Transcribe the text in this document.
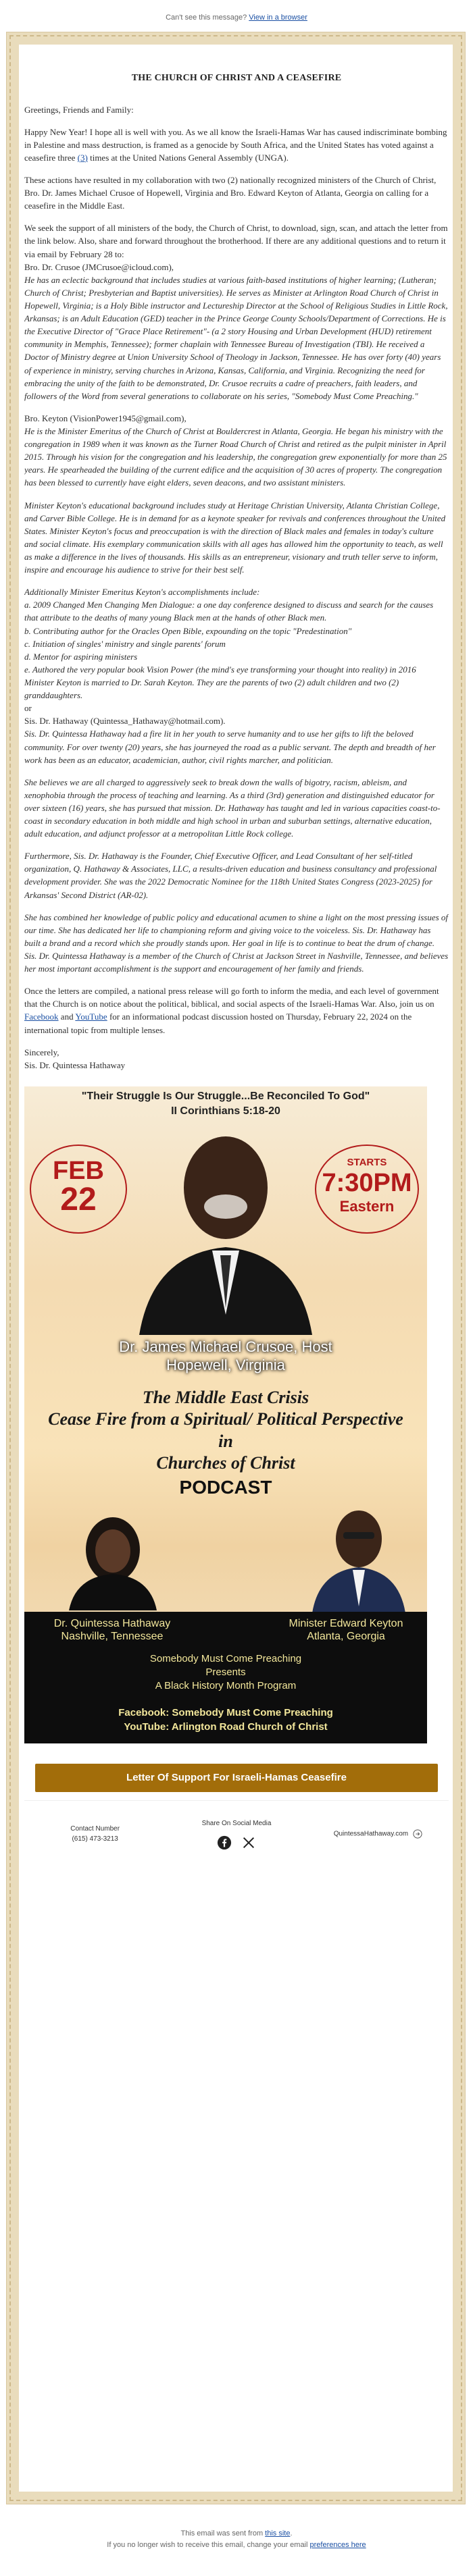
Can't see this message? View in a browser
THE CHURCH OF CHRIST AND A CEASEFIRE

Greetings, Friends and Family:

Happy New Year! I hope all is well with you. As we all know the Israeli-Hamas War has caused indiscriminate bombing in Palestine and mass destruction, is framed as a genocide by South Africa, and the United States has voted against a ceasefire three (3) times at the United Nations General Assembly (UNGA).

These actions have resulted in my collaboration with two (2) nationally recognized ministers of the Church of Christ, Bro. Dr. James Michael Crusoe of Hopewell, Virginia and Bro. Edward Keyton of Atlanta, Georgia on calling for a ceasefire in the Middle East.

We seek the support of all ministers of the body, the Church of Christ, to download, sign, scan, and attach the letter from the link below. Also, share and forward throughout the brotherhood. If there are any additional questions and to return it via email by February 28 to:
Bro. Dr. Crusoe (JMCrusoe@icloud.com),

He has an eclectic background that includes studies at various faith-based institutions of higher learning; (Lutheran; Church of Christ; Presbyterian and Baptist universities). He serves as Minister at Arlington Road Church of Christ in Hopewell, Virginia; is a Holy Bible instructor and Lectureship Director at the School of Religious Studies in Little Rock, Arkansas; is an Adult Education (GED) teacher in the Prince George County Schools/Department of Corrections. He is the Executive Director of "Grace Place Retirement"- (a 2 story Housing and Urban Development (HUD) retirement community in Memphis, Tennessee); former chaplain with Tennessee Bureau of Investigation (TBI). He received a Doctor of Ministry degree at Union University School of Theology in Jackson, Tennessee. He has over forty (40) years of experience in ministry, serving churches in Arizona, Kansas, California, and Virginia. Recognizing the need for embracing the unity of the faith to be demonstrated, Dr. Crusoe recruits a cadre of preachers, faith leaders, and followers of the Word from several generations to collaborate on his series, "Somebody Must Come Preaching."

Bro. Keyton (VisionPower1945@gmail.com),

He is the Minister Emeritus of the Church of Christ at Bouldercrest in Atlanta, Georgia. He began his ministry with the congregation in 1989 when it was known as the Turner Road Church of Christ and retired as the pulpit minister in April 2015. Through his vision for the congregation and his leadership, the congregation grew exponentially for more than 25 years. He spearheaded the building of the current edifice and the acquisition of 30 acres of property. The congregation has been blessed to currently have eight elders, seven deacons, and two assistant ministers.

Minister Keyton's educational background includes study at Heritage Christian University, Atlanta Christian College, and Carver Bible College. He is in demand for as a keynote speaker for revivals and conferences throughout the United States. Minister Keyton's focus and preoccupation is with the direction of Black males and females in today's culture and social climate. His exemplary communication skills with all ages has allowed him the opportunity to teach, as well as make a difference in the lives of thousands. His skills as an entrepreneur, visionary and truth teller serve to inform, inspire and encourage his audience to strive for their best self.

Additionally Minister Emeritus Keyton's accomplishments include:
a. 2009 Changed Men Changing Men Dialogue: a one day conference designed to discuss and search for the causes that attribute to the deaths of many young Black men at the hands of other Black men.
b. Contributing author for the Oracles Open Bible, expounding on the topic "Predestination"
c. Initiation of singles' ministry and single parents' forum
d. Mentor for aspiring ministers
e. Authored the very popular book Vision Power (the mind's eye transforming your thought into reality) in 2016
Minister Keyton is married to Dr. Sarah Keyton. They are the parents of two (2) adult children and two (2) granddaughters.
or
Sis. Dr. Hathaway (Quintessa_Hathaway@hotmail.com).
Sis. Dr. Quintessa Hathaway had a fire lit in her youth to serve humanity and to use her gifts to lift the beloved community. For over twenty (20) years, she has journeyed the road as a public servant. The depth and breadth of her work has been as an educator, academician, author, civil rights marcher, and politician.

She believes we are all charged to aggressively seek to break down the walls of bigotry, racism, ableism, and xenophobia through the process of teaching and learning. As a third (3rd) generation and distinguished educator for over sixteen (16) years, she has pursued that mission. Dr. Hathaway has taught and led in various capacities coast-to-coast in secondary education in both middle and high school in urban and suburban settings, alternative education, adult education, and adjunct professor at a metropolitan Little Rock college.

Furthermore, Sis. Dr. Hathaway is the Founder, Chief Executive Officer, and Lead Consultant of her self-titled organization, Q. Hathaway & Associates, LLC, a results-driven education and business consultancy and professional development provider. She was the 2022 Democratic Nominee for the 118th United States Congress (2023-2025) for Arkansas' Second District (AR-02).

She has combined her knowledge of public policy and educational acumen to shine a light on the most pressing issues of our time. She has dedicated her life to championing reform and giving voice to the voiceless. Sis. Dr. Hathaway has built a brand and a record which she proudly stands upon. Her goal in life is to continue to beat the drum of change. Sis. Dr. Quintessa Hathaway is a member of the Church of Christ at Jackson Street in Nashville, Tennessee, and believes her most important accomplishment is the support and encouragement of her family and friends.

Once the letters are compiled, a national press release will go forth to inform the media, and each level of government that the Church is on notice about the political, biblical, and social aspects of the Israeli-Hamas War. Also, join us on Facebook and YouTube for an informational podcast discussion hosted on Thursday, February 22, 2024 on the international topic from multiple lenses.

Sincerely,
Sis. Dr. Quintessa Hathaway

"Their Struggle Is Our Struggle...Be Reconciled To God"
II Corinthians 5:18-20
FEB
22
STARTS
7:30PM
Eastern
Dr. James Michael Crusoe, Host
Hopewell, Virginia
The Middle East Crisis
Cease Fire from a Spiritual/ Political Perspective
in
Churches of Christ
PODCAST
Dr. Quintessa Hathaway
Nashville, Tennessee
Minister Edward Keyton
Atlanta, Georgia
Somebody Must Come Preaching
Presents
A Black History Month Program
Facebook: Somebody Must Come Preaching
YouTube: Arlington Road Church of Christ
Letter Of Support For Israeli-Hamas Ceasefire
Contact Number
(615) 473-3213
Share On Social Media
QuintessaHathaway.com
This email was sent from this site.
If you no longer wish to receive this email, change your email preferences here
